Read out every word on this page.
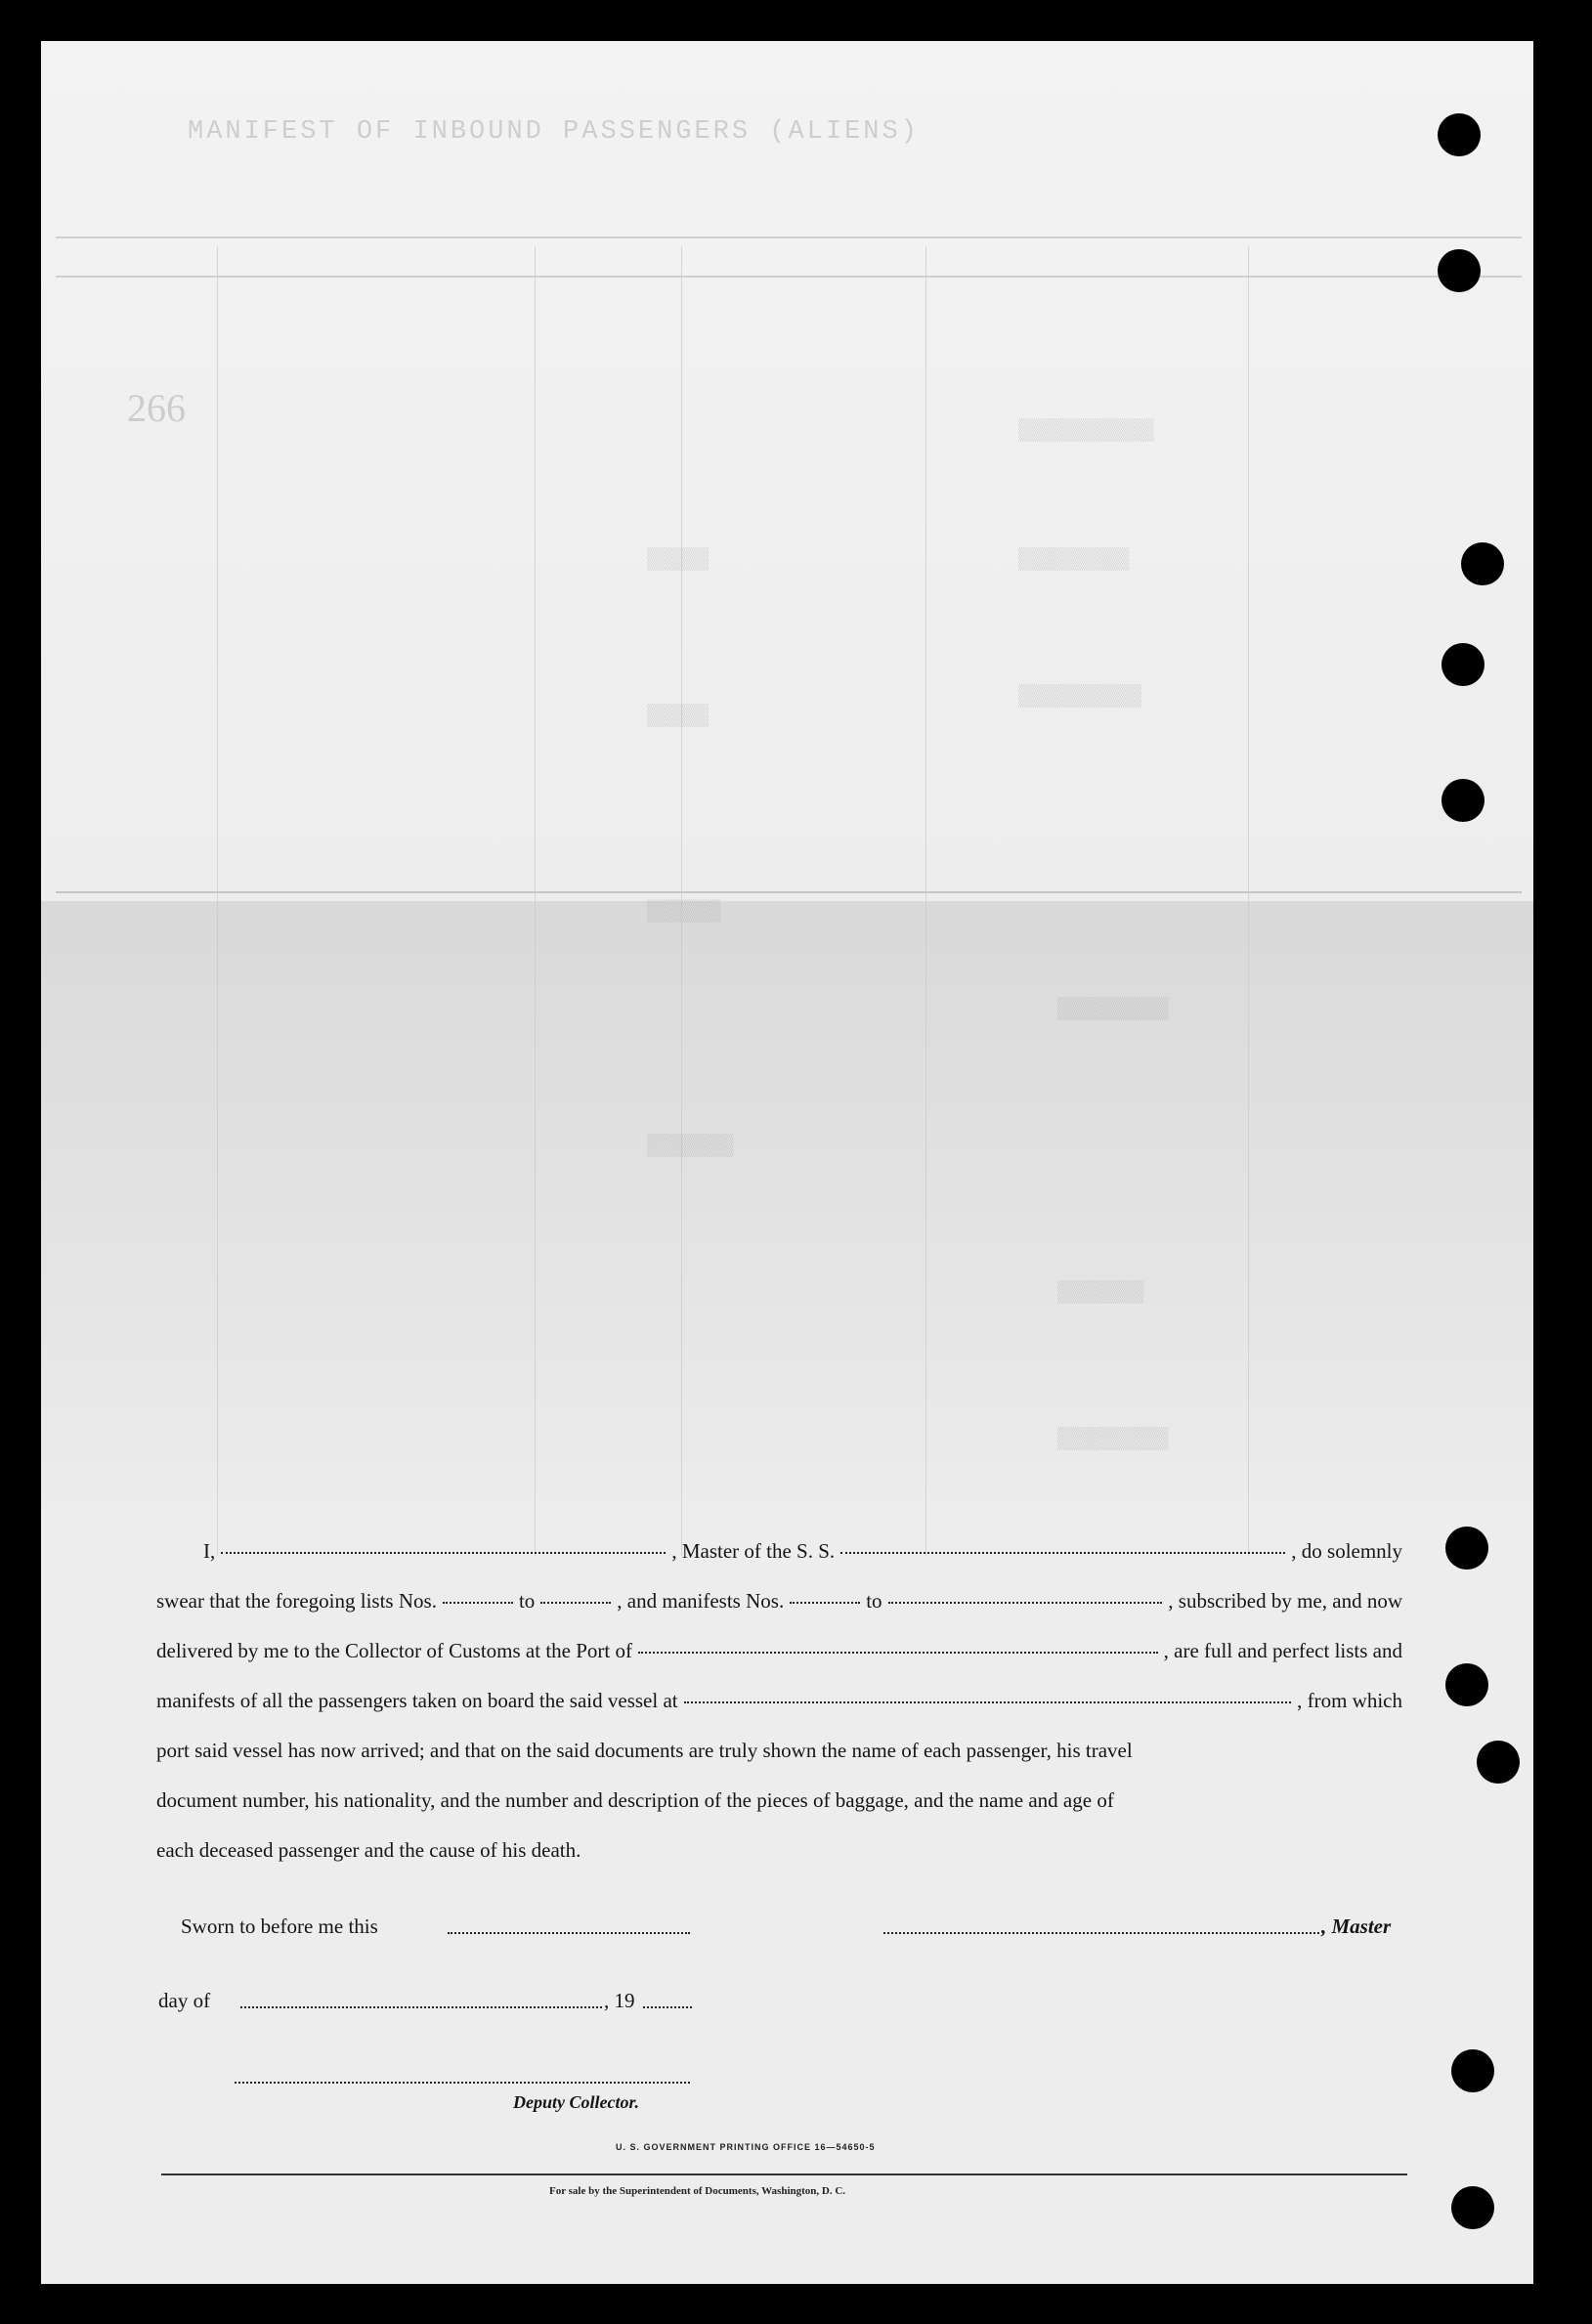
MANIFEST OF INBOUND PASSENGERS (ALIENS)
266
▒▒▒▒▒▒▒▒▒▒▒
▒▒▒▒▒▒▒▒▒
▒▒▒▒▒▒▒▒▒▒
▒▒▒▒▒
▒▒▒▒▒
▒▒▒▒▒▒
▒▒▒▒▒▒▒▒▒
▒▒▒▒▒▒▒
▒▒▒▒▒▒▒
▒▒▒▒▒▒▒▒▒
I,	, Master of the S. S.	, do solemnly
swear that the foregoing lists Nos.	to	, and manifests Nos.	to	, subscribed by me, and now
delivered by me to the Collector of Customs at the Port of	, are full and perfect lists and
manifests of all the passengers taken on board the said vessel at	, from which
port said vessel has now arrived; and that on the said documents are truly shown the name of each passenger, his travel
document number, his nationality, and the number and description of the pieces of baggage, and the name and age of
each deceased passenger and the cause of his death.
Sworn to before me this	, Master
day of	, 19
Deputy Collector.
U. S. GOVERNMENT PRINTING OFFICE 16—54650-5
For sale by the Superintendent of Documents, Washington, D. C.
